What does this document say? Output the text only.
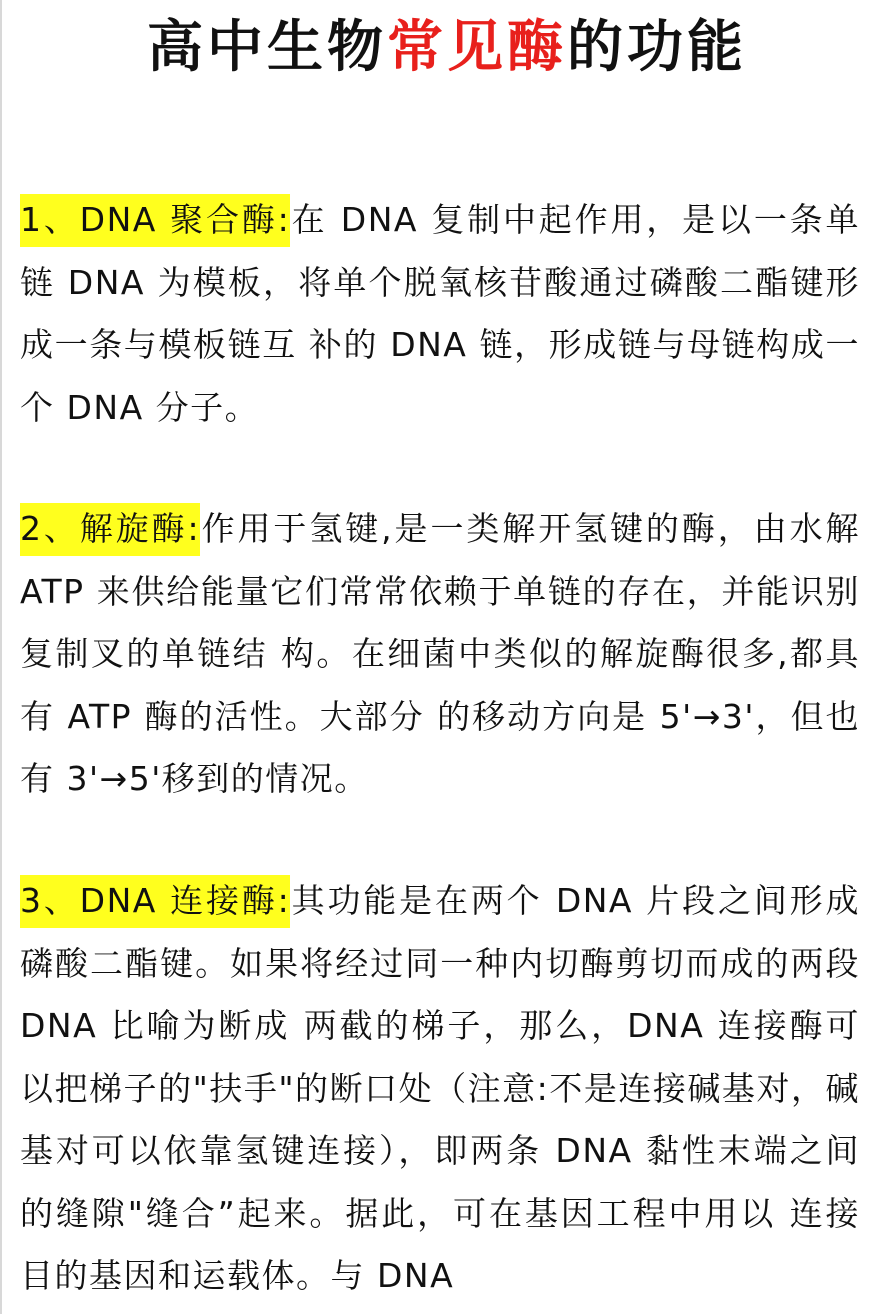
高中生物常见酶的功能
1、DNA 聚合酶:在 DNA 复制中起作用，是以一条单链 DNA 为模板，将单个脱氧核苷酸通过磷酸二酯键形成一条与模板链互 补的 DNA 链，形成链与母链构成一个 DNA 分子。
2、解旋酶:作用于氢键,是一类解开氢键的酶，由水解 ATP 来供给能量它们常常依赖于单链的存在，并能识别复制叉的单链结 构。在细菌中类似的解旋酶很多,都具有 ATP 酶的活性。大部分 的移动方向是 5'→3'，但也有 3'→5'移到的情况。
3、DNA 连接酶:其功能是在两个 DNA 片段之间形成磷酸二酯键。如果将经过同一种内切酶剪切而成的两段 DNA 比喻为断成 两截的梯子，那么，DNA 连接酶可以把梯子的"扶手"的断口处（注意:不是连接碱基对，碱基对可以依靠氢键连接），即两条 DNA 黏性末端之间的缝隙"缝合”起来。据此，可在基因工程中用以 连接目的基因和运载体。与 DNA
